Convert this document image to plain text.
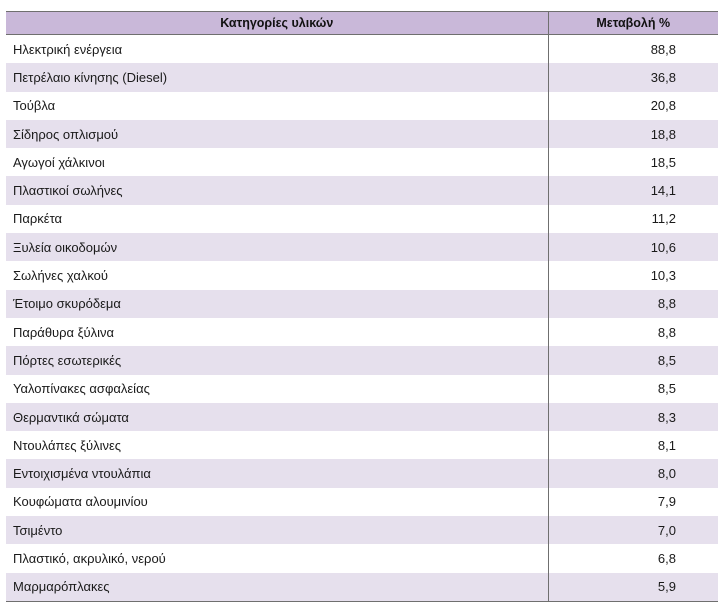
Κατηγορίες υλικών	Μεταβολή %
Ηλεκτρική ενέργεια	88,8
Πετρέλαιο κίνησης (Diesel)	36,8
Τούβλα	20,8
Σίδηρος οπλισμού	18,8
Αγωγοί χάλκινοι	18,5
Πλαστικοί σωλήνες	14,1
Παρκέτα	11,2
Ξυλεία οικοδομών	10,6
Σωλήνες χαλκού	10,3
Έτοιμο σκυρόδεμα	8,8
Παράθυρα ξύλινα	8,8
Πόρτες εσωτερικές	8,5
Υαλοπίνακες ασφαλείας	8,5
Θερμαντικά σώματα	8,3
Ντουλάπες ξύλινες	8,1
Εντοιχισμένα ντουλάπια	8,0
Κουφώματα αλουμινίου	7,9
Τσιμέντο	7,0
Πλαστικό, ακρυλικό, νερού	6,8
Μαρμαρόπλακες	5,9
